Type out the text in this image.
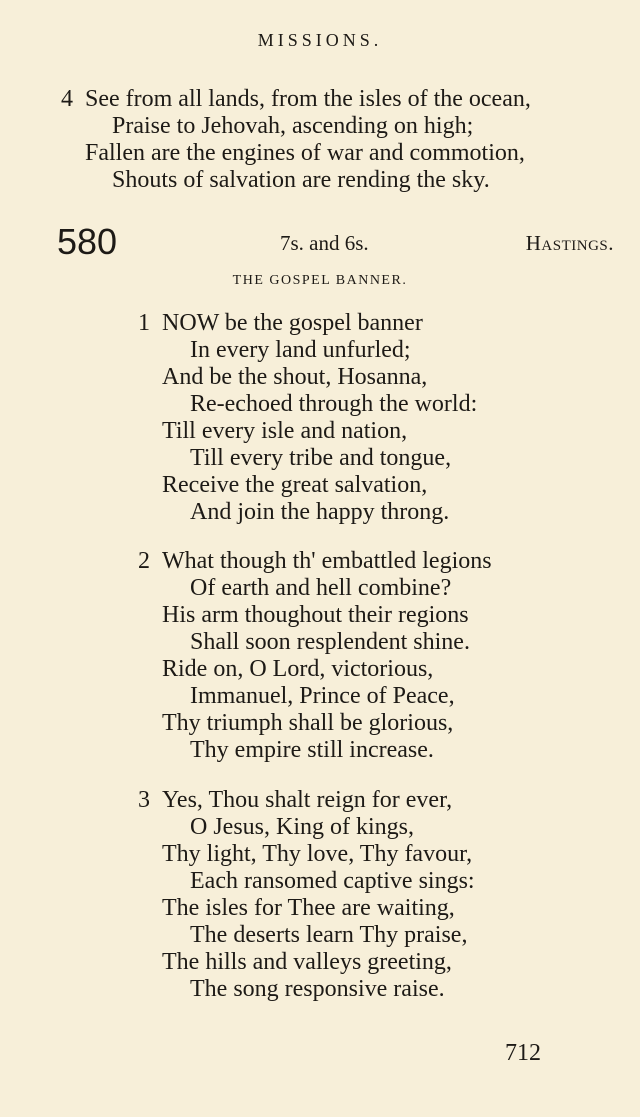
MISSIONS.
4 See from all lands, from the isles of the ocean,
Praise to Jehovah, ascending on high;
Fallen are the engines of war and commotion,
Shouts of salvation are rending the sky.
580	7s. and 6s.	Hastings.
THE GOSPEL BANNER.
1 NOW be the gospel banner
In every land unfurled;
And be the shout, Hosanna,
Re-echoed through the world:
Till every isle and nation,
Till every tribe and tongue,
Receive the great salvation,
And join the happy throng.
2 What though th' embattled legions
Of earth and hell combine?
His arm thoughout their regions
Shall soon resplendent shine.
Ride on, O Lord, victorious,
Immanuel, Prince of Peace,
Thy triumph shall be glorious,
Thy empire still increase.
3 Yes, Thou shalt reign for ever,
O Jesus, King of kings,
Thy light, Thy love, Thy favour,
Each ransomed captive sings:
The isles for Thee are waiting,
The deserts learn Thy praise,
The hills and valleys greeting,
The song responsive raise.
712
